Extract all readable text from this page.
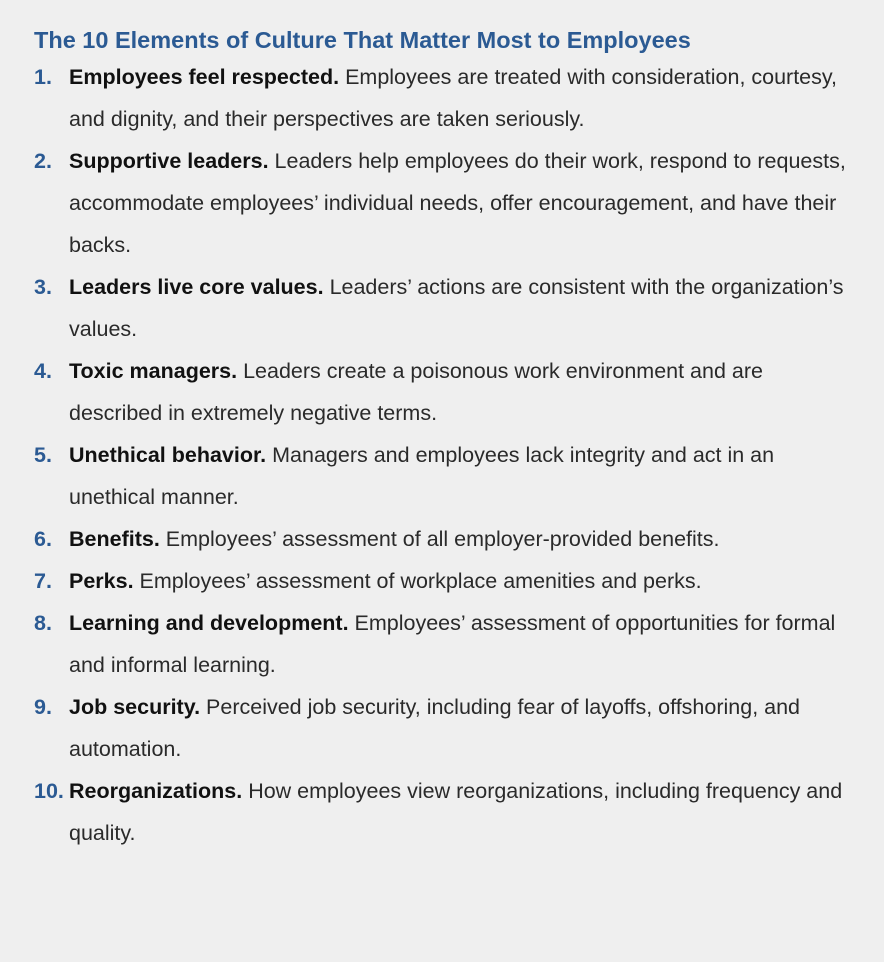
The 10 Elements of Culture That Matter Most to Employees
1. Employees feel respected. Employees are treated with consideration, courtesy, and dignity, and their perspectives are taken seriously.
2. Supportive leaders. Leaders help employees do their work, respond to requests, accommodate employees’ individual needs, offer encouragement, and have their backs.
3. Leaders live core values. Leaders’ actions are consistent with the organization’s values.
4. Toxic managers. Leaders create a poisonous work environment and are described in extremely negative terms.
5. Unethical behavior. Managers and employees lack integrity and act in an unethical manner.
6. Benefits. Employees’ assessment of all employer-provided benefits.
7. Perks. Employees’ assessment of workplace amenities and perks.
8. Learning and development. Employees’ assessment of opportunities for formal and informal learning.
9. Job security. Perceived job security, including fear of layoffs, offshoring, and automation.
10. Reorganizations. How employees view reorganizations, including frequency and quality.
